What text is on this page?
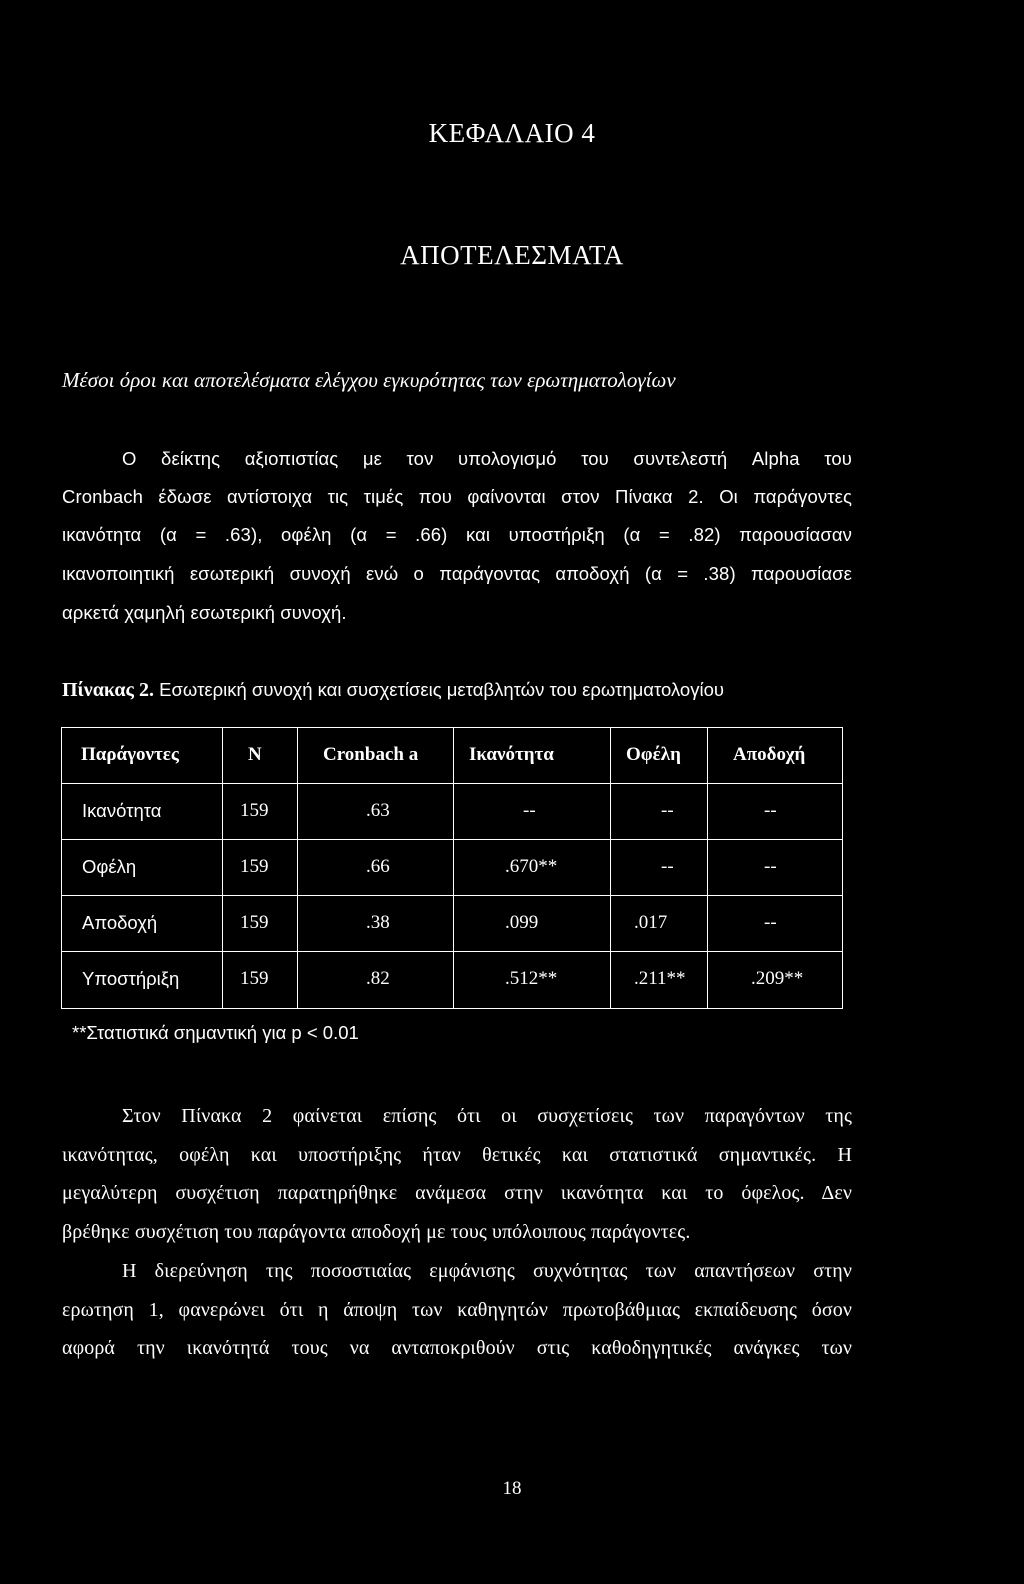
ΚΕΦΑΛΑΙΟ 4
ΑΠΟΤΕΛΕΣΜΑΤΑ
Μέσοι όροι και αποτελέσματα ελέγχου εγκυρότητας των ερωτηματολογίων
Ο δείκτης αξιοπιστίας με τον υπολογισμό του συντελεστή Alpha του
Cronbach έδωσε αντίστοιχα τις τιμές που φαίνονται στον Πίνακα 2. Οι παράγοντες
ικανότητα (α = .63), οφέλη (α = .66) και υποστήριξη (α = .82) παρουσίασαν
ικανοποιητική εσωτερική συνοχή ενώ ο παράγοντας αποδοχή (α = .38) παρουσίασε
αρκετά χαμηλή εσωτερική συνοχή.
Πίνακας 2. Εσωτερική συνοχή και συσχετίσεις μεταβλητών του ερωτηματολογίου
Παράγοντες	N	Cronbach a	Ικανότητα	Οφέλη	Αποδοχή
Ικανότητα	159	.63	--	--	--
Οφέλη	159	.66	.670**	--	--
Αποδοχή	159	.38	.099	.017	--
Υποστήριξη	159	.82	.512**	.211**	.209**
**Στατιστικά σημαντική για p < 0.01
Στον Πίνακα 2 φαίνεται επίσης ότι οι συσχετίσεις των παραγόντων της
ικανότητας, οφέλη και υποστήριξης ήταν θετικές και στατιστικά σημαντικές. Η
μεγαλύτερη συσχέτιση παρατηρήθηκε ανάμεσα στην ικανότητα και το όφελος. Δεν
βρέθηκε συσχέτιση του παράγοντα αποδοχή με τους υπόλοιπους παράγοντες.
Η διερεύνηση της ποσοστιαίας εμφάνισης συχνότητας των απαντήσεων στην
ερωτηση 1, φανερώνει ότι η άποψη των καθηγητών πρωτοβάθμιας εκπαίδευσης όσον
αφορά την ικανότητά τους να ανταποκριθούν στις καθοδηγητικές ανάγκες των
18
